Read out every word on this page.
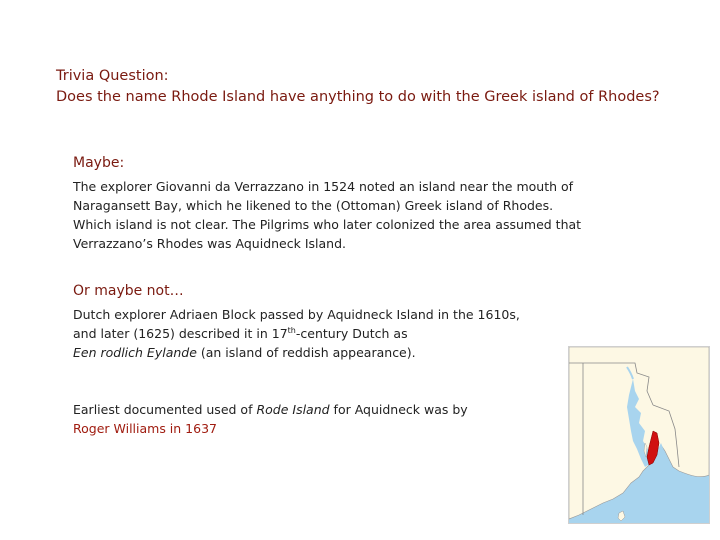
Trivia Question:
Does the name Rhode Island have anything to do with the Greek island of Rhodes?
Maybe:
The explorer Giovanni da Verrazzano in 1524 noted an island near the mouth of
Naragansett Bay, which he likened to the (Ottoman) Greek island of Rhodes.
Which island is not clear. The Pilgrims who later colonized the area assumed that
Verrazzano’s Rhodes was Aquidneck Island.
Or maybe not…
Dutch explorer Adriaen Block passed by Aquidneck Island in the 1610s,
and later (1625) described it in 17th-century Dutch as
Een rodlich Eylande (an island of reddish appearance).
Earliest documented used of Rode Island for Aquidneck was by
Roger Williams in 1637
